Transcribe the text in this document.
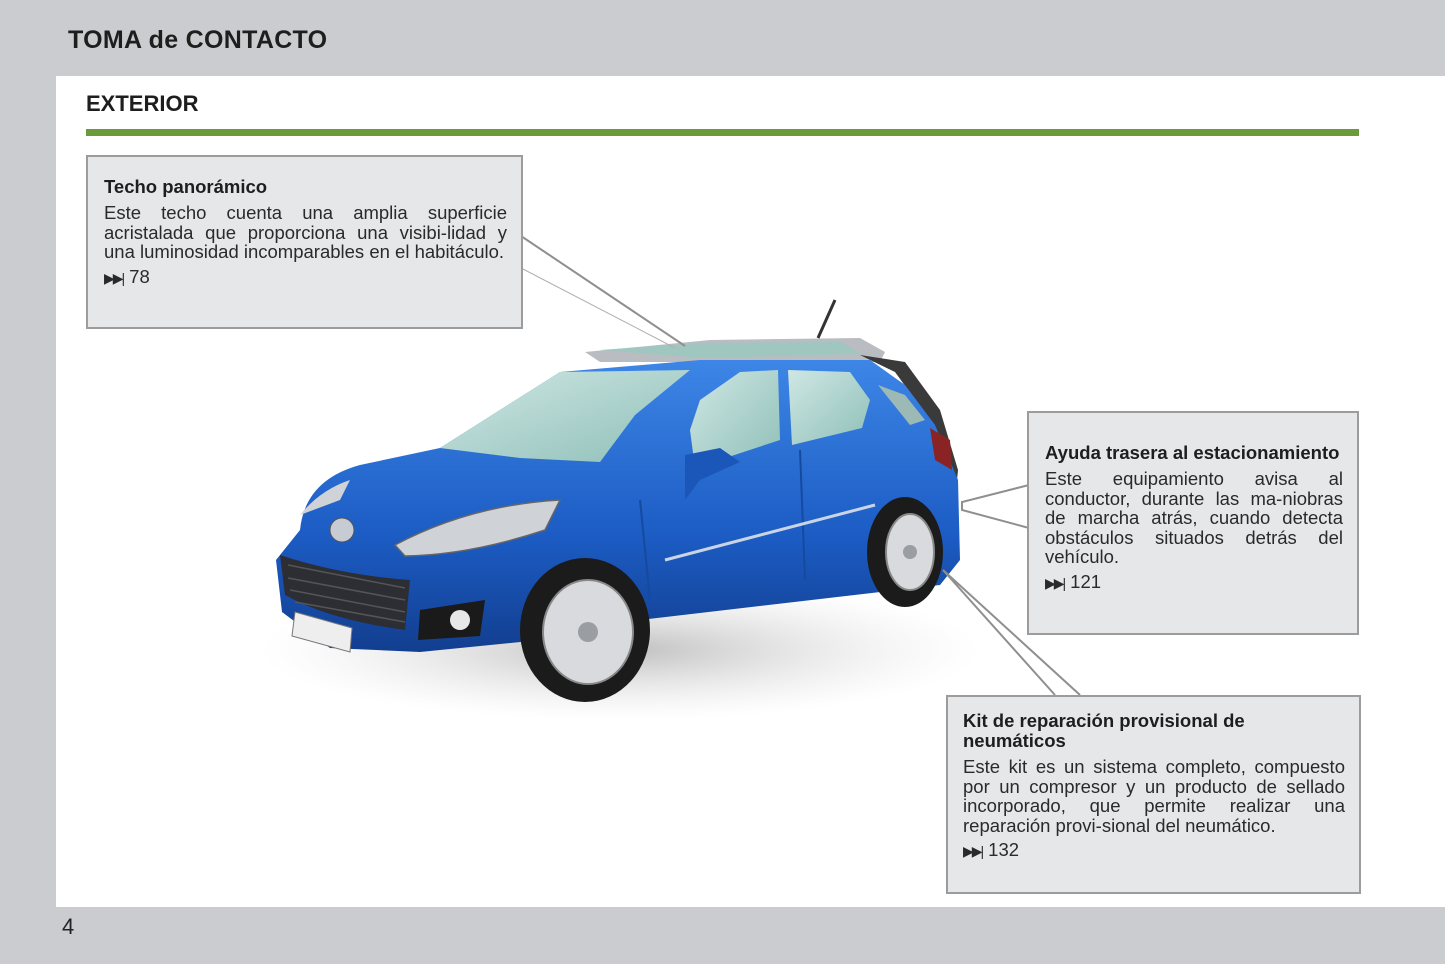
TOMA de CONTACTO
EXTERIOR
Techo panorámico

Este techo cuenta una amplia superficie acristalada que proporciona una visibi-lidad y una luminosidad incomparables en el habitáculo.

▶▶| 78
Ayuda trasera al estacionamiento

Este equipamiento avisa al conductor, durante las ma-niobras de marcha atrás, cuando detecta obstáculos situados detrás del vehículo.

▶▶| 121
Kit de reparación provisional de neumáticos

Este kit es un sistema completo, compuesto por un compresor y un producto de sellado incorporado, que permite realizar una reparación provi-sional del neumático.

▶▶| 132
4
